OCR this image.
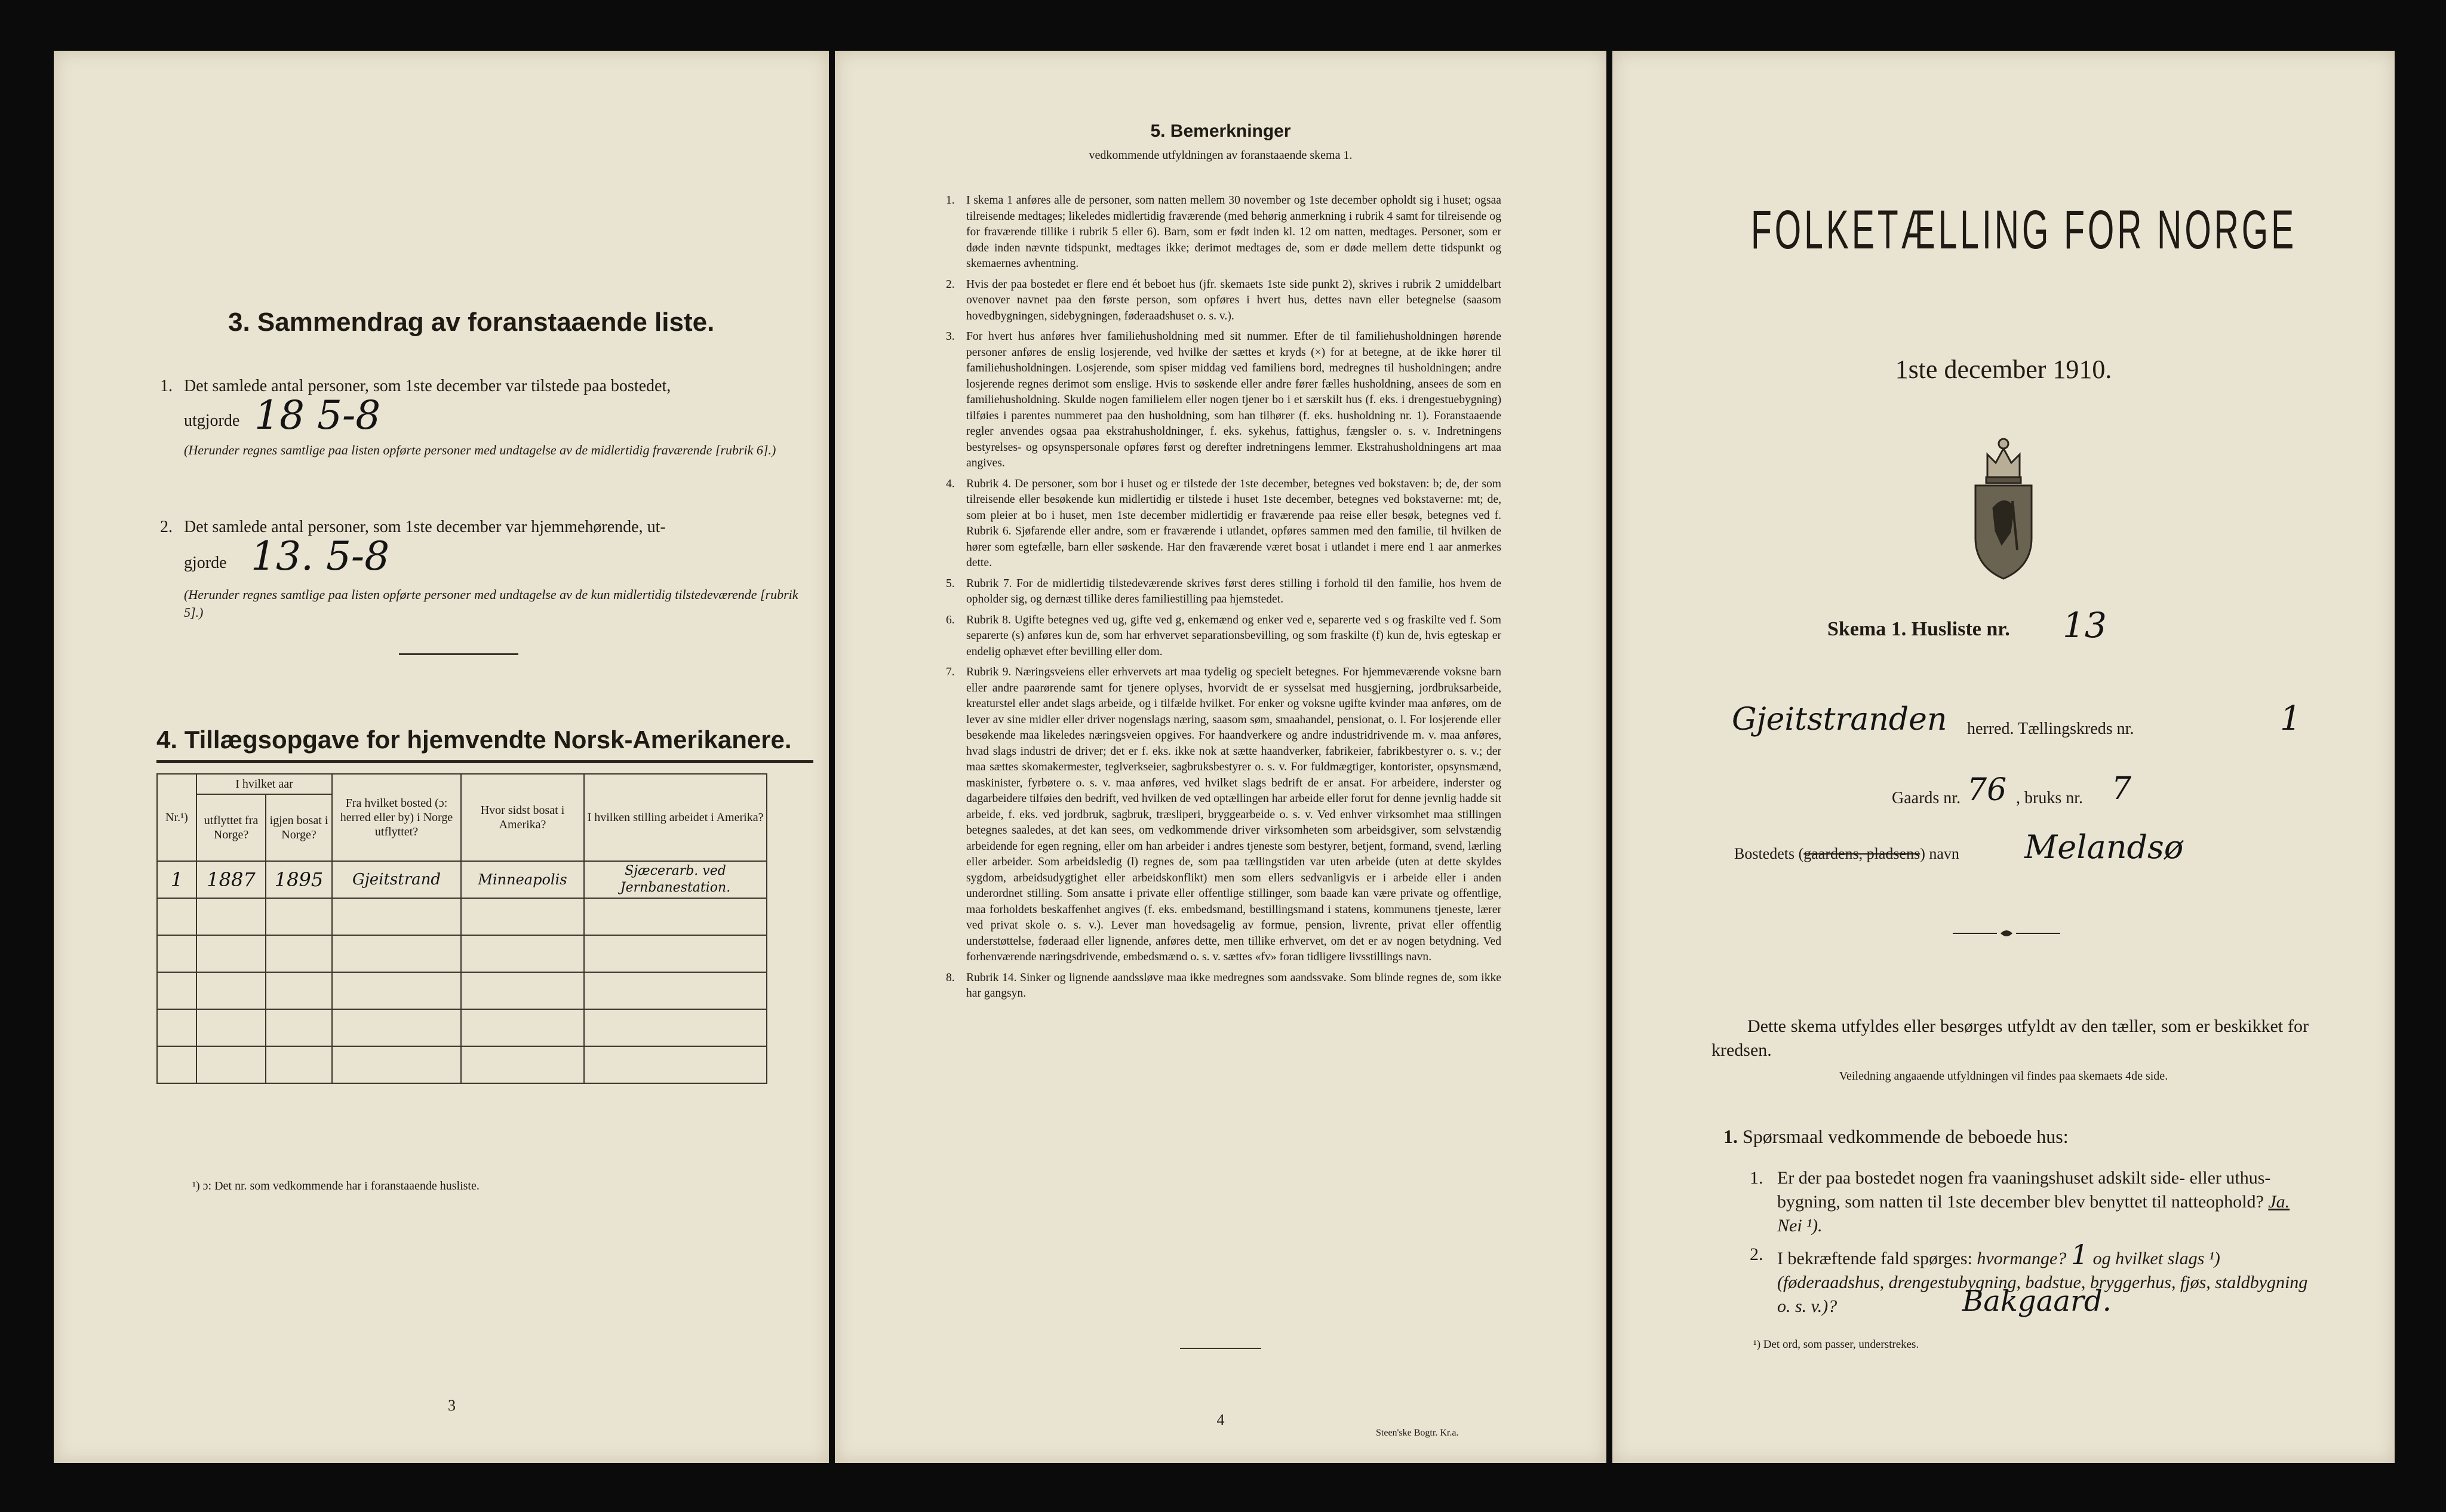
3. Sammendrag av foranstaaende liste.
1. Det samlede antal personer, som 1ste december var tilstede paa bostedet,
utgjorde 18 5-8
(Herunder regnes samtlige paa listen opførte personer med undtagelse av de midlertidig fraværende [rubrik 6].)
2. Det samlede antal personer, som 1ste december var hjemmehørende, ut-
gjorde 13. 5-8
(Herunder regnes samtlige paa listen opførte personer med undtagelse av de kun midlertidig tilstedeværende [rubrik 5].)
4. Tillægsopgave for hjemvendte Norsk-Amerikanere.
Nr.¹)	I hvilket aar		Fra hvilket bosted (ɔ: herred eller by) i Norge utflyttet?	Hvor sidst bosat i Amerika?	I hvilken stilling arbeidet i Amerika?
	utflyttet fra Norge?	igjen bosat i Norge?			
1	1887	1895	Gjeitstrand	Minneapolis	Sjæcerarb. ved Jernbanestation.

¹) ɔ: Det nr. som vedkommende har i foranstaaende husliste.
3
5. Bemerkninger
vedkommende utfyldningen av foranstaaende skema 1.
1. I skema 1 anføres alle de personer, som natten mellem 30 november og 1ste december opholdt sig i huset; ogsaa tilreisende medtages; likeledes midlertidig fraværende (med behørig anmerkning i rubrik 4 samt for tilreisende og for fraværende tillike i rubrik 5 eller 6). Barn, som er født inden kl. 12 om natten, medtages. Personer, som er døde inden nævnte tidspunkt, medtages ikke; derimot medtages de, som er døde mellem dette tidspunkt og skemaernes avhentning.
2. Hvis der paa bostedet er flere end ét beboet hus (jfr. skemaets 1ste side punkt 2), skrives i rubrik 2 umiddelbart ovenover navnet paa den første person, som opføres i hvert hus, dettes navn eller betegnelse (saasom hovedbygningen, sidebygningen, føderaadshuset o. s. v.).
3. For hvert hus anføres hver familiehusholdning med sit nummer. Efter de til familiehusholdningen hørende personer anføres de enslig losjerende, ved hvilke der sættes et kryds (×) for at betegne, at de ikke hører til familiehusholdningen. Losjerende, som spiser middag ved familiens bord, medregnes til husholdningen; andre losjerende regnes derimot som enslige. Hvis to søskende eller andre fører fælles husholdning, ansees de som en familiehusholdning. Skulde nogen familielem eller nogen tjener bo i et særskilt hus (f. eks. i drengestuebygning) tilføies i parentes nummeret paa den husholdning, som han tilhører (f. eks. husholdning nr. 1). Foranstaaende regler anvendes ogsaa paa ekstrahusholdninger, f. eks. sykehus, fattighus, fængsler o. s. v. Indretningens bestyrelses- og opsynspersonale opføres først og derefter indretningens lemmer. Ekstrahusholdningens art maa angives.
4. Rubrik 4. De personer, som bor i huset og er tilstede der 1ste december, betegnes ved bokstaven: b; de, der som tilreisende eller besøkende kun midlertidig er tilstede i huset 1ste december, betegnes ved bokstaverne: mt; de, som pleier at bo i huset, men 1ste december midlertidig er fraværende paa reise eller besøk, betegnes ved f. Rubrik 6. Sjøfarende eller andre, som er fraværende i utlandet, opføres sammen med den familie, til hvilken de hører som egtefælle, barn eller søskende. Har den fraværende været bosat i utlandet i mere end 1 aar anmerkes dette.
5. Rubrik 7. For de midlertidig tilstedeværende skrives først deres stilling i forhold til den familie, hos hvem de opholder sig, og dernæst tillike deres familiestilling paa hjemstedet.
6. Rubrik 8. Ugifte betegnes ved ug, gifte ved g, enkemænd og enker ved e, separerte ved s og fraskilte ved f. Som separerte (s) anføres kun de, som har erhvervet separationsbevilling, og som fraskilte (f) kun de, hvis egteskap er endelig ophævet efter bevilling eller dom.
7. Rubrik 9. Næringsveiens eller erhvervets art maa tydelig og specielt betegnes. For hjemmeværende voksne barn eller andre paarørende samt for tjenere oplyses, hvorvidt de er sysselsat med husgjerning, jordbruksarbeide, kreaturstel eller andet slags arbeide, og i tilfælde hvilket. For enker og voksne ugifte kvinder maa anføres, om de lever av sine midler eller driver nogenslags næring, saasom søm, smaahandel, pensionat, o. l. For losjerende eller besøkende maa likeledes næringsveien opgives. For haandverkere og andre industridrivende m. v. maa anføres, hvad slags industri de driver; det er f. eks. ikke nok at sætte haandverker, fabrikeier, fabrikbestyrer o. s. v.; der maa sættes skomakermester, teglverkseier, sagbruksbestyrer o. s. v. For fuldmægtiger, kontorister, opsynsmænd, maskinister, fyrbøtere o. s. v. maa anføres, ved hvilket slags bedrift de er ansat. For arbeidere, inderster og dagarbeidere tilføies den bedrift, ved hvilken de ved optællingen har arbeide eller forut for denne jevnlig hadde sit arbeide, f. eks. ved jordbruk, sagbruk, træsliperi, bryggearbeide o. s. v. Ved enhver virksomhet maa stillingen betegnes saaledes, at det kan sees, om vedkommende driver virksomheten som arbeidsgiver, som selvstændig arbeidende for egen regning, eller om han arbeider i andres tjeneste som bestyrer, betjent, formand, svend, lærling eller arbeider. Som arbeidsledig (l) regnes de, som paa tællingstiden var uten arbeide (uten at dette skyldes sygdom, arbeidsudygtighet eller arbeidskonflikt) men som ellers sedvanligvis er i arbeide eller i anden underordnet stilling. Som ansatte i private eller offentlige stillinger, som baade kan være private og offentlige, maa forholdets beskaffenhet angives (f. eks. embedsmand, bestillingsmand i statens, kommunens tjeneste, lærer ved privat skole o. s. v.). Lever man hovedsagelig av formue, pension, livrente, privat eller offentlig understøttelse, føderaad eller lignende, anføres dette, men tillike erhvervet, om det er av nogen betydning. Ved forhenværende næringsdrivende, embedsmænd o. s. v. sættes «fv» foran tidligere livsstillings navn.
8. Rubrik 14. Sinker og lignende aandssløve maa ikke medregnes som aandssvake. Som blinde regnes de, som ikke har gangsyn.
4
Steen'ske Bogtr. Kr.a.
FOLKETÆLLING FOR NORGE
1ste december 1910.
Skema 1. Husliste nr. 13
Gjeitstranden herred. Tællingskreds nr.	1
Gaards nr. 76 , bruks nr. 7
Bostedets (gaardens, pladsens) navn Melandsø
Dette skema utfyldes eller besørges utfyldt av den tæller, som er beskikket for kredsen.
Veiledning angaaende utfyldningen vil findes paa skemaets 4de side.
1. Spørsmaal vedkommende de beboede hus:
1. Er der paa bostedet nogen fra vaaningshuset adskilt side- eller uthus-bygning, som natten til 1ste december blev benyttet til natteophold? Ja. Nei ¹).
2. I bekræftende fald spørges: hvormange? 1 og hvilket slags ¹) (føderaadshus, drengestubygning, badstue, bryggerhus, fjøs, staldbygning o. s. v.)?	Bakgaard.
¹) Det ord, som passer, understrekes.
